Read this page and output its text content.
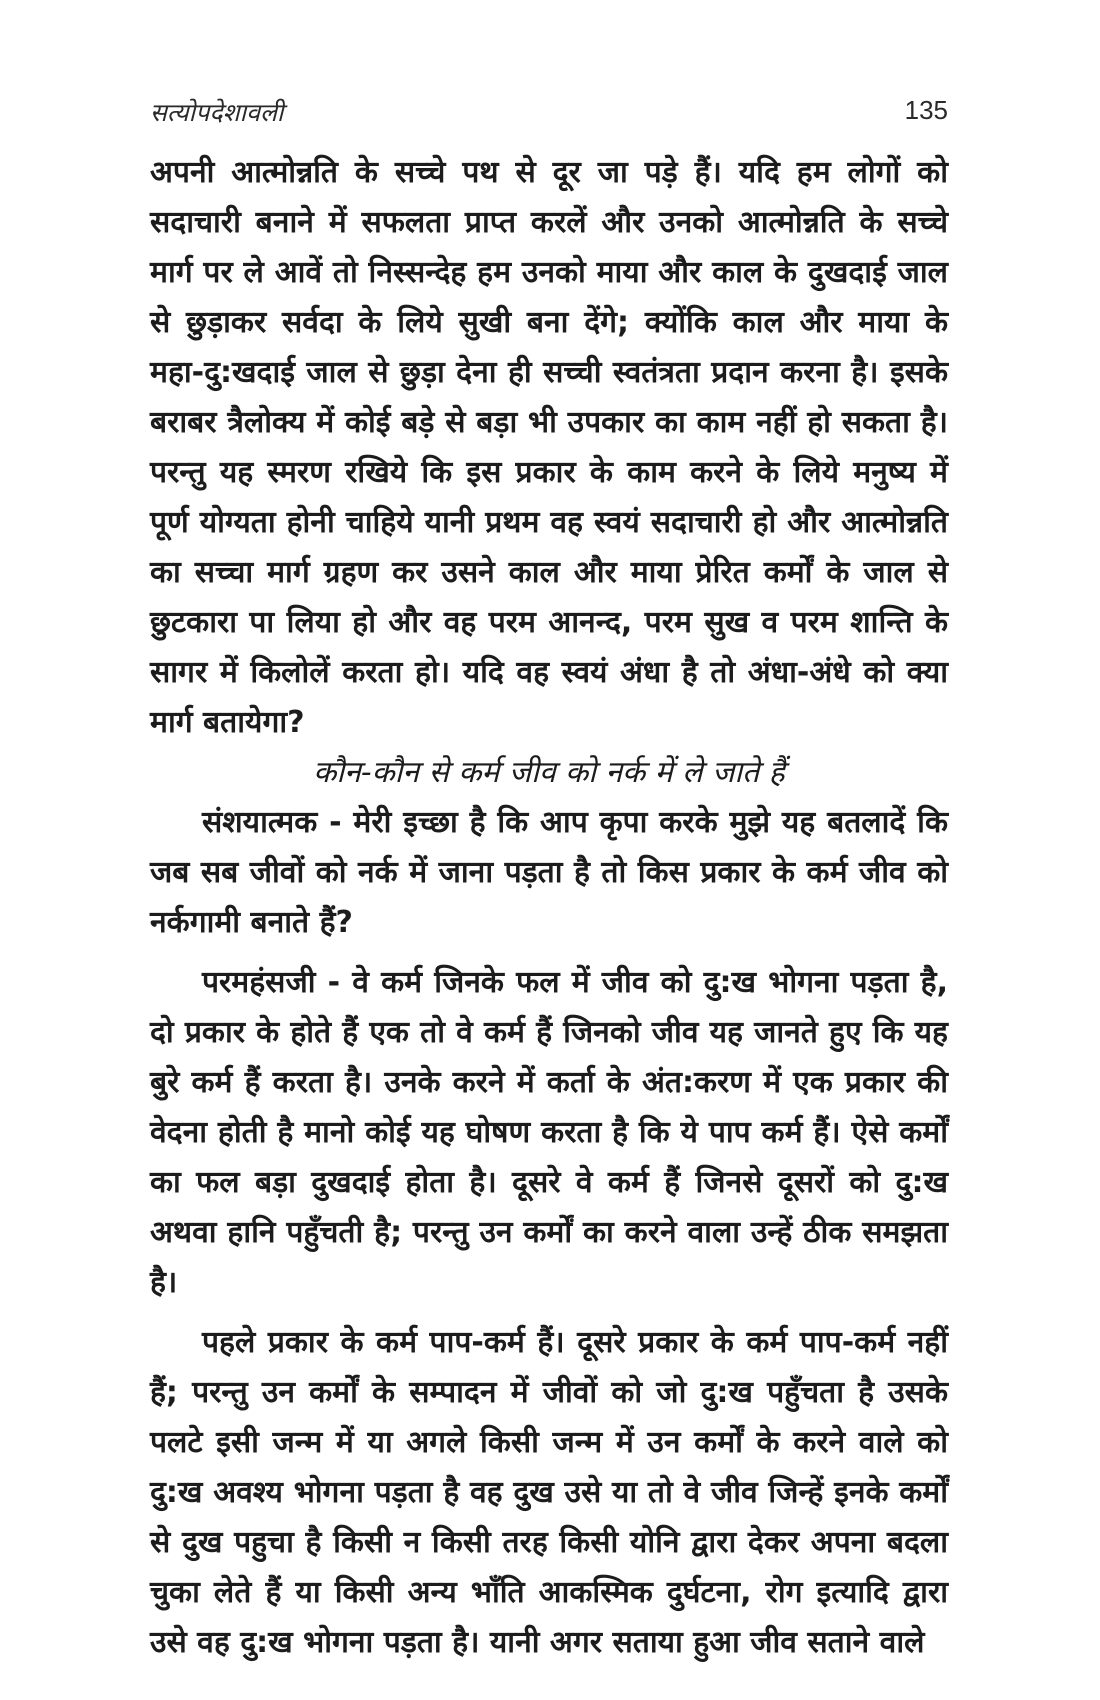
सत्योपदेशावली	135

अपनी आत्मोन्नति के सच्चे पथ से दूर जा पड़े हैं। यदि हम लोगों को सदाचारी बनाने में सफलता प्राप्त करलें और उनको आत्मोन्नति के सच्चे मार्ग पर ले आवें तो निस्सन्देह हम उनको माया और काल के दुखदाई जाल से छुड़ाकर सर्वदा के लिये सुखी बना देंगे; क्योंकि काल और माया के महा-दु:खदाई जाल से छुड़ा देना ही सच्ची स्वतंत्रता प्रदान करना है। इसके बराबर त्रैलोक्य में कोई बड़े से बड़ा भी उपकार का काम नहीं हो सकता है। परन्तु यह स्मरण रखिये कि इस प्रकार के काम करने के लिये मनुष्य में पूर्ण योग्यता होनी चाहिये यानी प्रथम वह स्वयं सदाचारी हो और आत्मोन्नति का सच्चा मार्ग ग्रहण कर उसने काल और माया प्रेरित कर्मों के जाल से छुटकारा पा लिया हो और वह परम आनन्द, परम सुख व परम शान्ति के सागर में किलोलें करता हो। यदि वह स्वयं अंधा है तो अंधा-अंधे को क्या मार्ग बतायेगा?

कौन-कौन से कर्म जीव को नर्क में ले जाते हैं

संशयात्मक - मेरी इच्छा है कि आप कृपा करके मुझे यह बतलादें कि जब सब जीवों को नर्क में जाना पड़ता है तो किस प्रकार के कर्म जीव को नर्कगामी बनाते हैं?

परमहंसजी - वे कर्म जिनके फल में जीव को दु:ख भोगना पड़ता है, दो प्रकार के होते हैं एक तो वे कर्म हैं जिनको जीव यह जानते हुए कि यह बुरे कर्म हैं करता है। उनके करने में कर्ता के अंत:करण में एक प्रकार की वेदना होती है मानो कोई यह घोषण करता है कि ये पाप कर्म हैं। ऐसे कर्मों का फल बड़ा दुखदाई होता है। दूसरे वे कर्म हैं जिनसे दूसरों को दु:ख अथवा हानि पहुँचती है; परन्तु उन कर्मों का करने वाला उन्हें ठीक समझता है।

पहले प्रकार के कर्म पाप-कर्म हैं। दूसरे प्रकार के कर्म पाप-कर्म नहीं हैं; परन्तु उन कर्मों के सम्पादन में जीवों को जो दु:ख पहुँचता है उसके पलटे इसी जन्म में या अगले किसी जन्म में उन कर्मों के करने वाले को दु:ख अवश्य भोगना पड़ता है वह दुख उसे या तो वे जीव जिन्हें इनके कर्मों से दुख पहुचा है किसी न किसी तरह किसी योनि द्वारा देकर अपना बदला चुका लेते हैं या किसी अन्य भाँति आकस्मिक दुर्घटना, रोग इत्यादि द्वारा उसे वह दु:ख भोगना पड़ता है। यानी अगर सताया हुआ जीव सताने वाले
